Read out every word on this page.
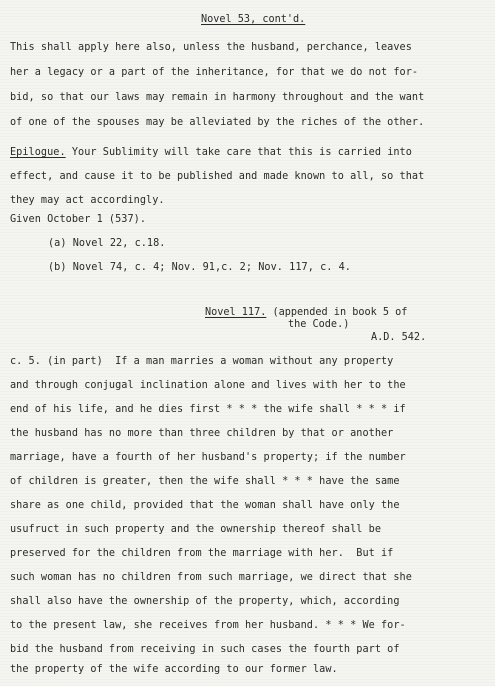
Novel 53, cont'd.
This shall apply here also, unless the husband, perchance, leaves
her a legacy or a part of the inheritance, for that we do not for-
bid, so that our laws may remain in harmony throughout and the want
of one of the spouses may be alleviated by the riches of the other.
Epilogue. Your Sublimity will take care that this is carried into
effect, and cause it to be published and made known to all, so that
they may act accordingly.
Given October 1 (537).
(a) Novel 22, c.18.
(b) Novel 74, c. 4; Nov. 91,c. 2; Nov. 117, c. 4.
Novel 117. (appended in book 5 of
the Code.)
A.D. 542.
c. 5. (in part)  If a man marries a woman without any property
and through conjugal inclination alone and lives with her to the
end of his life, and he dies first * * * the wife shall * * * if
the husband has no more than three children by that or another
marriage, have a fourth of her husband's property; if the number
of children is greater, then the wife shall * * * have the same
share as one child, provided that the woman shall have only the
usufruct in such property and the ownership thereof shall be
preserved for the children from the marriage with her.  But if
such woman has no children from such marriage, we direct that she
shall also have the ownership of the property, which, according
to the present law, she receives from her husband. * * * We for-
bid the husband from receiving in such cases the fourth part of
the property of the wife according to our former law.
